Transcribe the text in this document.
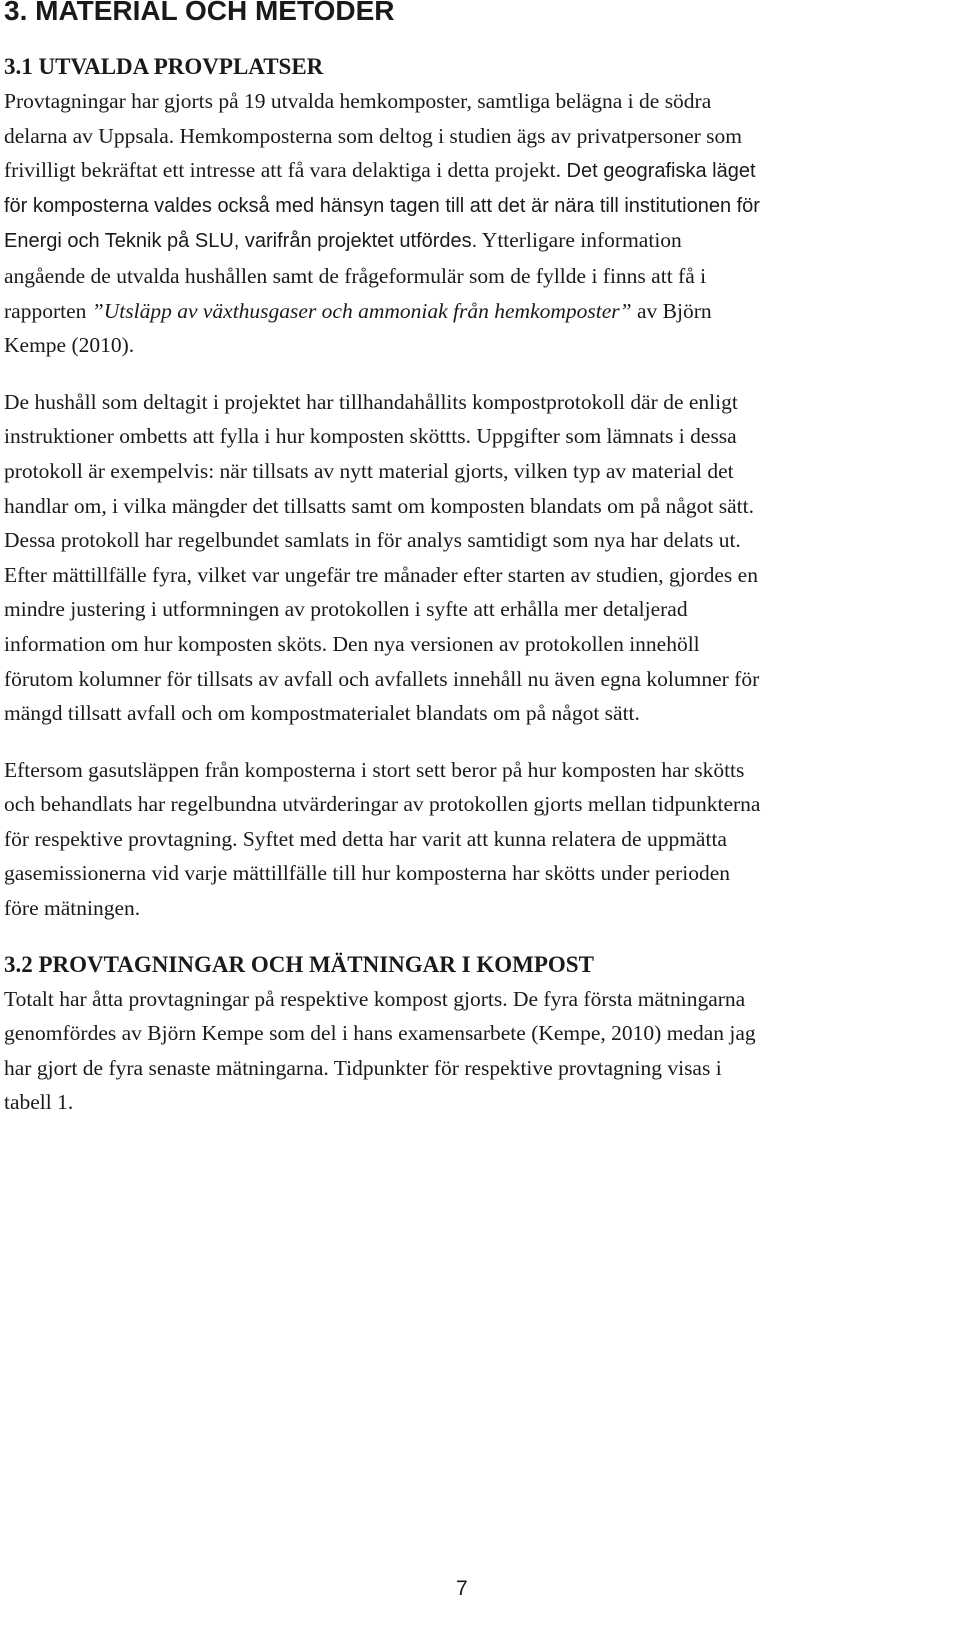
3. MATERIAL OCH METODER
3.1 UTVALDA PROVPLATSER

Provtagningar har gjorts på 19 utvalda hemkomposter, samtliga belägna i de södra
delarna av Uppsala. Hemkomposterna som deltog i studien ägs av privatpersoner som
frivilligt bekräftat ett intresse att få vara delaktiga i detta projekt. Det geografiska läget
för komposterna valdes också med hänsyn tagen till att det är nära till institutionen för
Energi och Teknik på SLU, varifrån projektet utfördes. Ytterligare information
angående de utvalda hushållen samt de frågeformulär som de fyllde i finns att få i
rapporten ”Utsläpp av växthusgaser och ammoniak från hemkomposter” av Björn
Kempe (2010).

De hushåll som deltagit i projektet har tillhandahållits kompostprotokoll där de enligt
instruktioner ombetts att fylla i hur komposten sköttts. Uppgifter som lämnats i dessa
protokoll är exempelvis: när tillsats av nytt material gjorts, vilken typ av material det
handlar om, i vilka mängder det tillsatts samt om komposten blandats om på något sätt.
Dessa protokoll har regelbundet samlats in för analys samtidigt som nya har delats ut.
Efter mättillfälle fyra, vilket var ungefär tre månader efter starten av studien, gjordes en
mindre justering i utformningen av protokollen i syfte att erhålla mer detaljerad
information om hur komposten sköts. Den nya versionen av protokollen innehöll
förutom kolumner för tillsats av avfall och avfallets innehåll nu även egna kolumner för
mängd tillsatt avfall och om kompostmaterialet blandats om på något sätt.

Eftersom gasutsläppen från komposterna i stort sett beror på hur komposten har skötts
och behandlats har regelbundna utvärderingar av protokollen gjorts mellan tidpunkterna
för respektive provtagning. Syftet med detta har varit att kunna relatera de uppmätta
gasemissionerna vid varje mättillfälle till hur komposterna har skötts under perioden
före mätningen.

3.2 PROVTAGNINGAR OCH MÄTNINGAR I KOMPOST

Totalt har åtta provtagningar på respektive kompost gjorts. De fyra första mätningarna
genomfördes av Björn Kempe som del i hans examensarbete (Kempe, 2010) medan jag
har gjort de fyra senaste mätningarna. Tidpunkter för respektive provtagning visas i
tabell 1.

7
